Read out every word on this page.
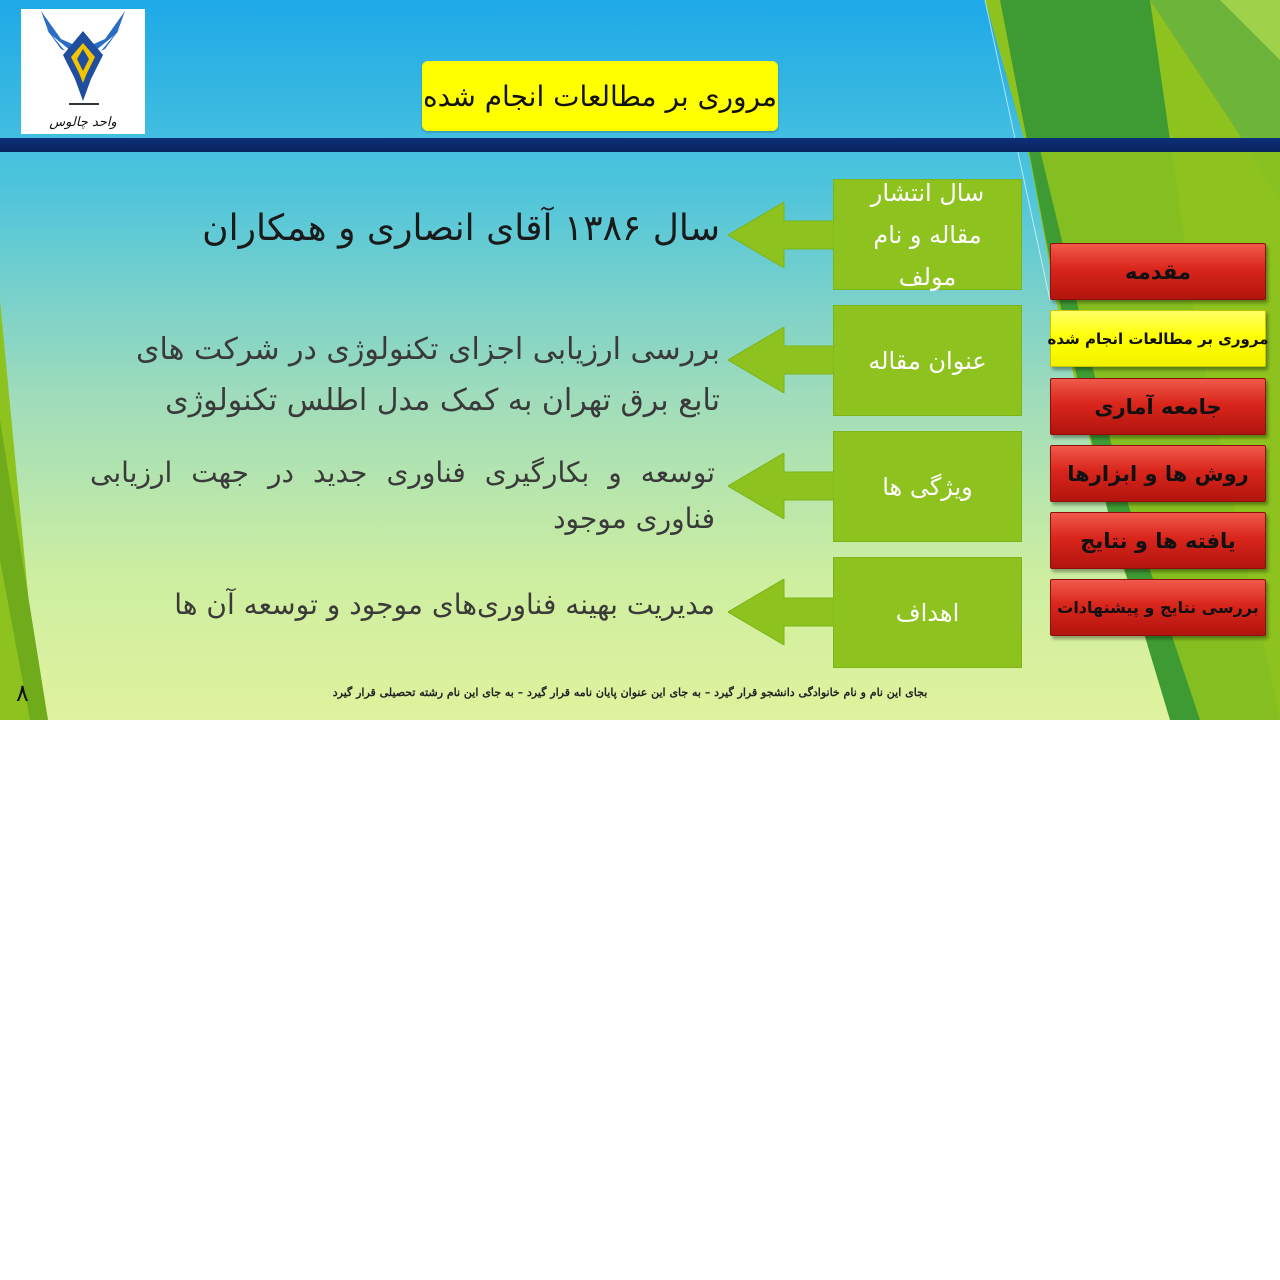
واحد چالوس
مروری بر مطالعات انجام شده
سال انتشار مقاله و نام مولف
سال ۱۳۸۶ آقای انصاری و همکاران
عنوان مقاله
بررسی ارزیابی اجزای تکنولوژی در شرکت های تابع برق تهران به کمک مدل اطلس تکنولوژی
ویژگی ها
توسعه و بکارگیری فناوری جدید در جهت ارزیابی فناوری موجود
اهداف
مدیریت بهینه فناوری‌های موجود و توسعه آن ها
مقدمه
مروری بر مطالعات انجام شده
جامعه آماری
روش ها و ابزارها
یافته ها و نتایج
بررسی نتایج و پیشنهادات
۸	بجای این نام و نام خانوادگی دانشجو قرار گیرد – به جای این عنوان پایان نامه قرار گیرد – به جای این نام رشته تحصیلی قرار گیرد
